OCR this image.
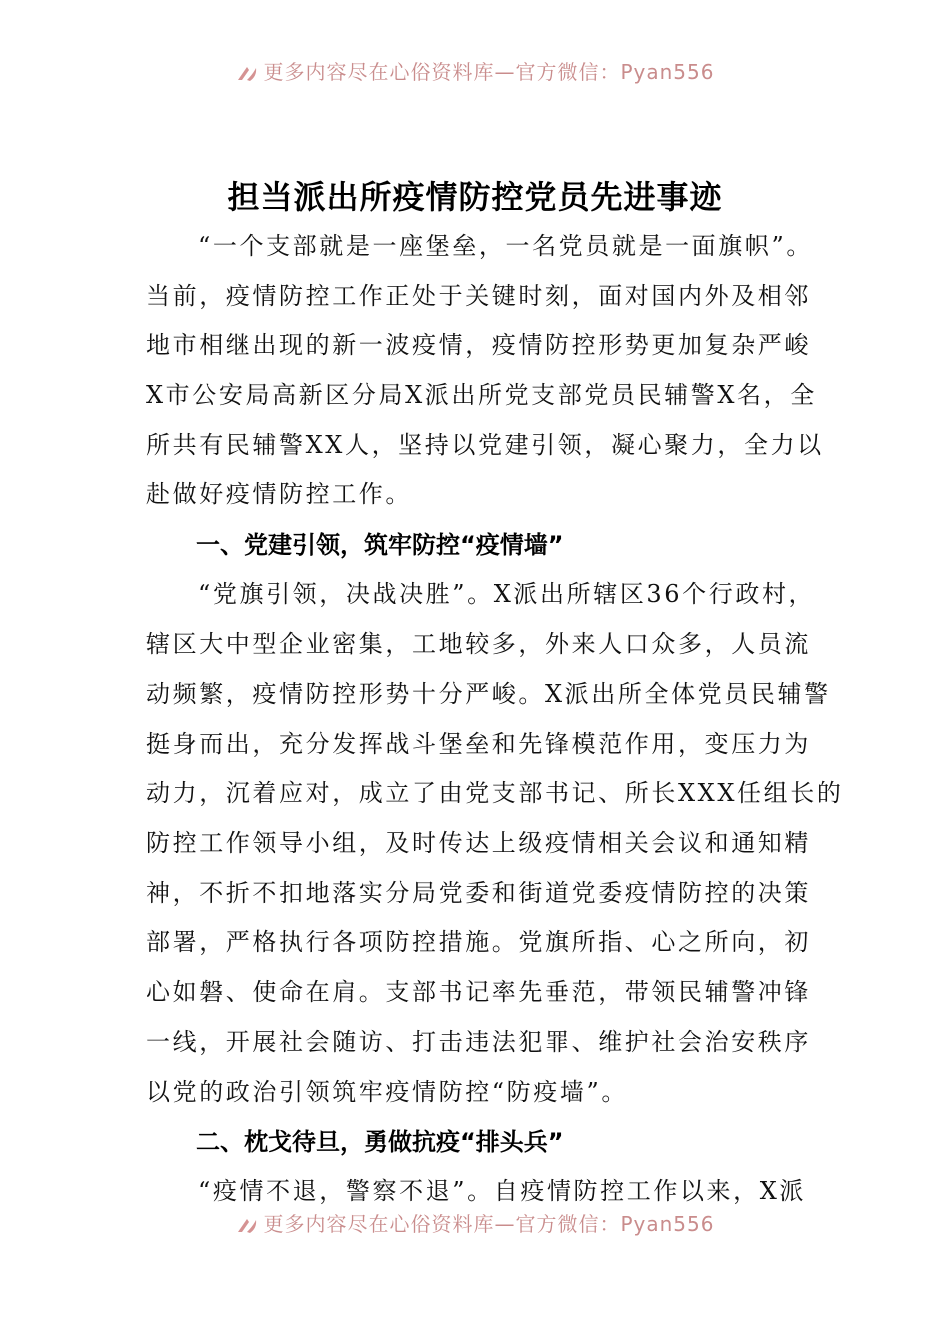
更多内容尽在心俗资料库—官方微信：Pyan556
担当派出所疫情防控党员先进事迹

“一个支部就是一座堡垒，一名党员就是一面旗帜”。

当前，疫情防控工作正处于关键时刻，面对国内外及相邻

地市相继出现的新一波疫情，疫情防控形势更加复杂严峻

X市公安局高新区分局X派出所党支部党员民辅警X名，全

所共有民辅警XX人，坚持以党建引领，凝心聚力，全力以

赴做好疫情防控工作。

一、党建引领，筑牢防控“疫情墙”

“党旗引领，决战决胜”。X派出所辖区36个行政村，

辖区大中型企业密集，工地较多，外来人口众多，人员流

动频繁，疫情防控形势十分严峻。X派出所全体党员民辅警

挺身而出，充分发挥战斗堡垒和先锋模范作用，变压力为

动力，沉着应对，成立了由党支部书记、所长XXX任组长的

防控工作领导小组，及时传达上级疫情相关会议和通知精

神，不折不扣地落实分局党委和街道党委疫情防控的决策

部署，严格执行各项防控措施。党旗所指、心之所向，初

心如磐、使命在肩。支部书记率先垂范，带领民辅警冲锋

一线，开展社会随访、打击违法犯罪、维护社会治安秩序

以党的政治引领筑牢疫情防控“防疫墙”。

二、枕戈待旦，勇做抗疫“排头兵”

“疫情不退，警察不退”。自疫情防控工作以来，X派

更多内容尽在心俗资料库—官方微信：Pyan556
